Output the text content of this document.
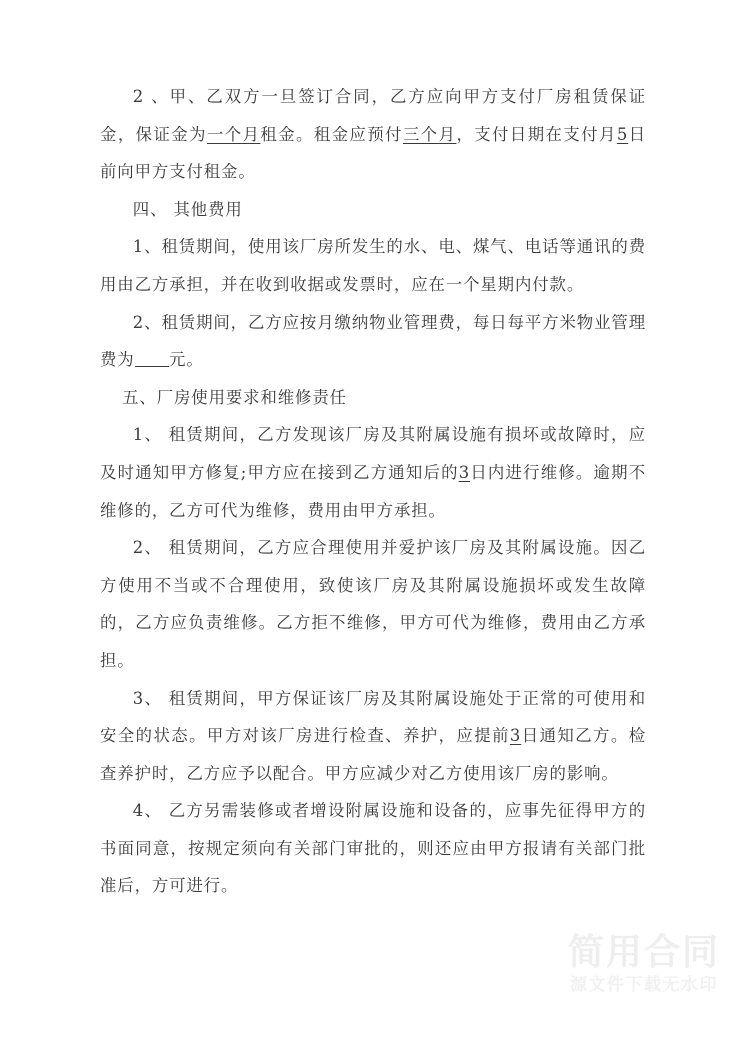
2 、甲、乙双方一旦签订合同，乙方应向甲方支付厂房租赁保证金，保证金为一个月租金。租金应预付三个月，支付日期在支付月5日前向甲方支付租金。

四、 其他费用

1、租赁期间，使用该厂房所发生的水、电、煤气、电话等通讯的费用由乙方承担，并在收到收据或发票时，应在一个星期内付款。

2、租赁期间，乙方应按月缴纳物业管理费，每日每平方米物业管理费为 元。

五、厂房使用要求和维修责任

1、 租赁期间，乙方发现该厂房及其附属设施有损坏或故障时，应及时通知甲方修复;甲方应在接到乙方通知后的3日内进行维修。逾期不维修的，乙方可代为维修，费用由甲方承担。

2、 租赁期间，乙方应合理使用并爱护该厂房及其附属设施。因乙方使用不当或不合理使用，致使该厂房及其附属设施损坏或发生故障的，乙方应负责维修。乙方拒不维修，甲方可代为维修，费用由乙方承担。

3、 租赁期间，甲方保证该厂房及其附属设施处于正常的可使用和安全的状态。甲方对该厂房进行检查、养护，应提前3日通知乙方。检查养护时，乙方应予以配合。甲方应减少对乙方使用该厂房的影响。

4、 乙方另需装修或者增设附属设施和设备的，应事先征得甲方的书面同意，按规定须向有关部门审批的，则还应由甲方报请有关部门批准后，方可进行。

简用合同
源文件下载无水印
